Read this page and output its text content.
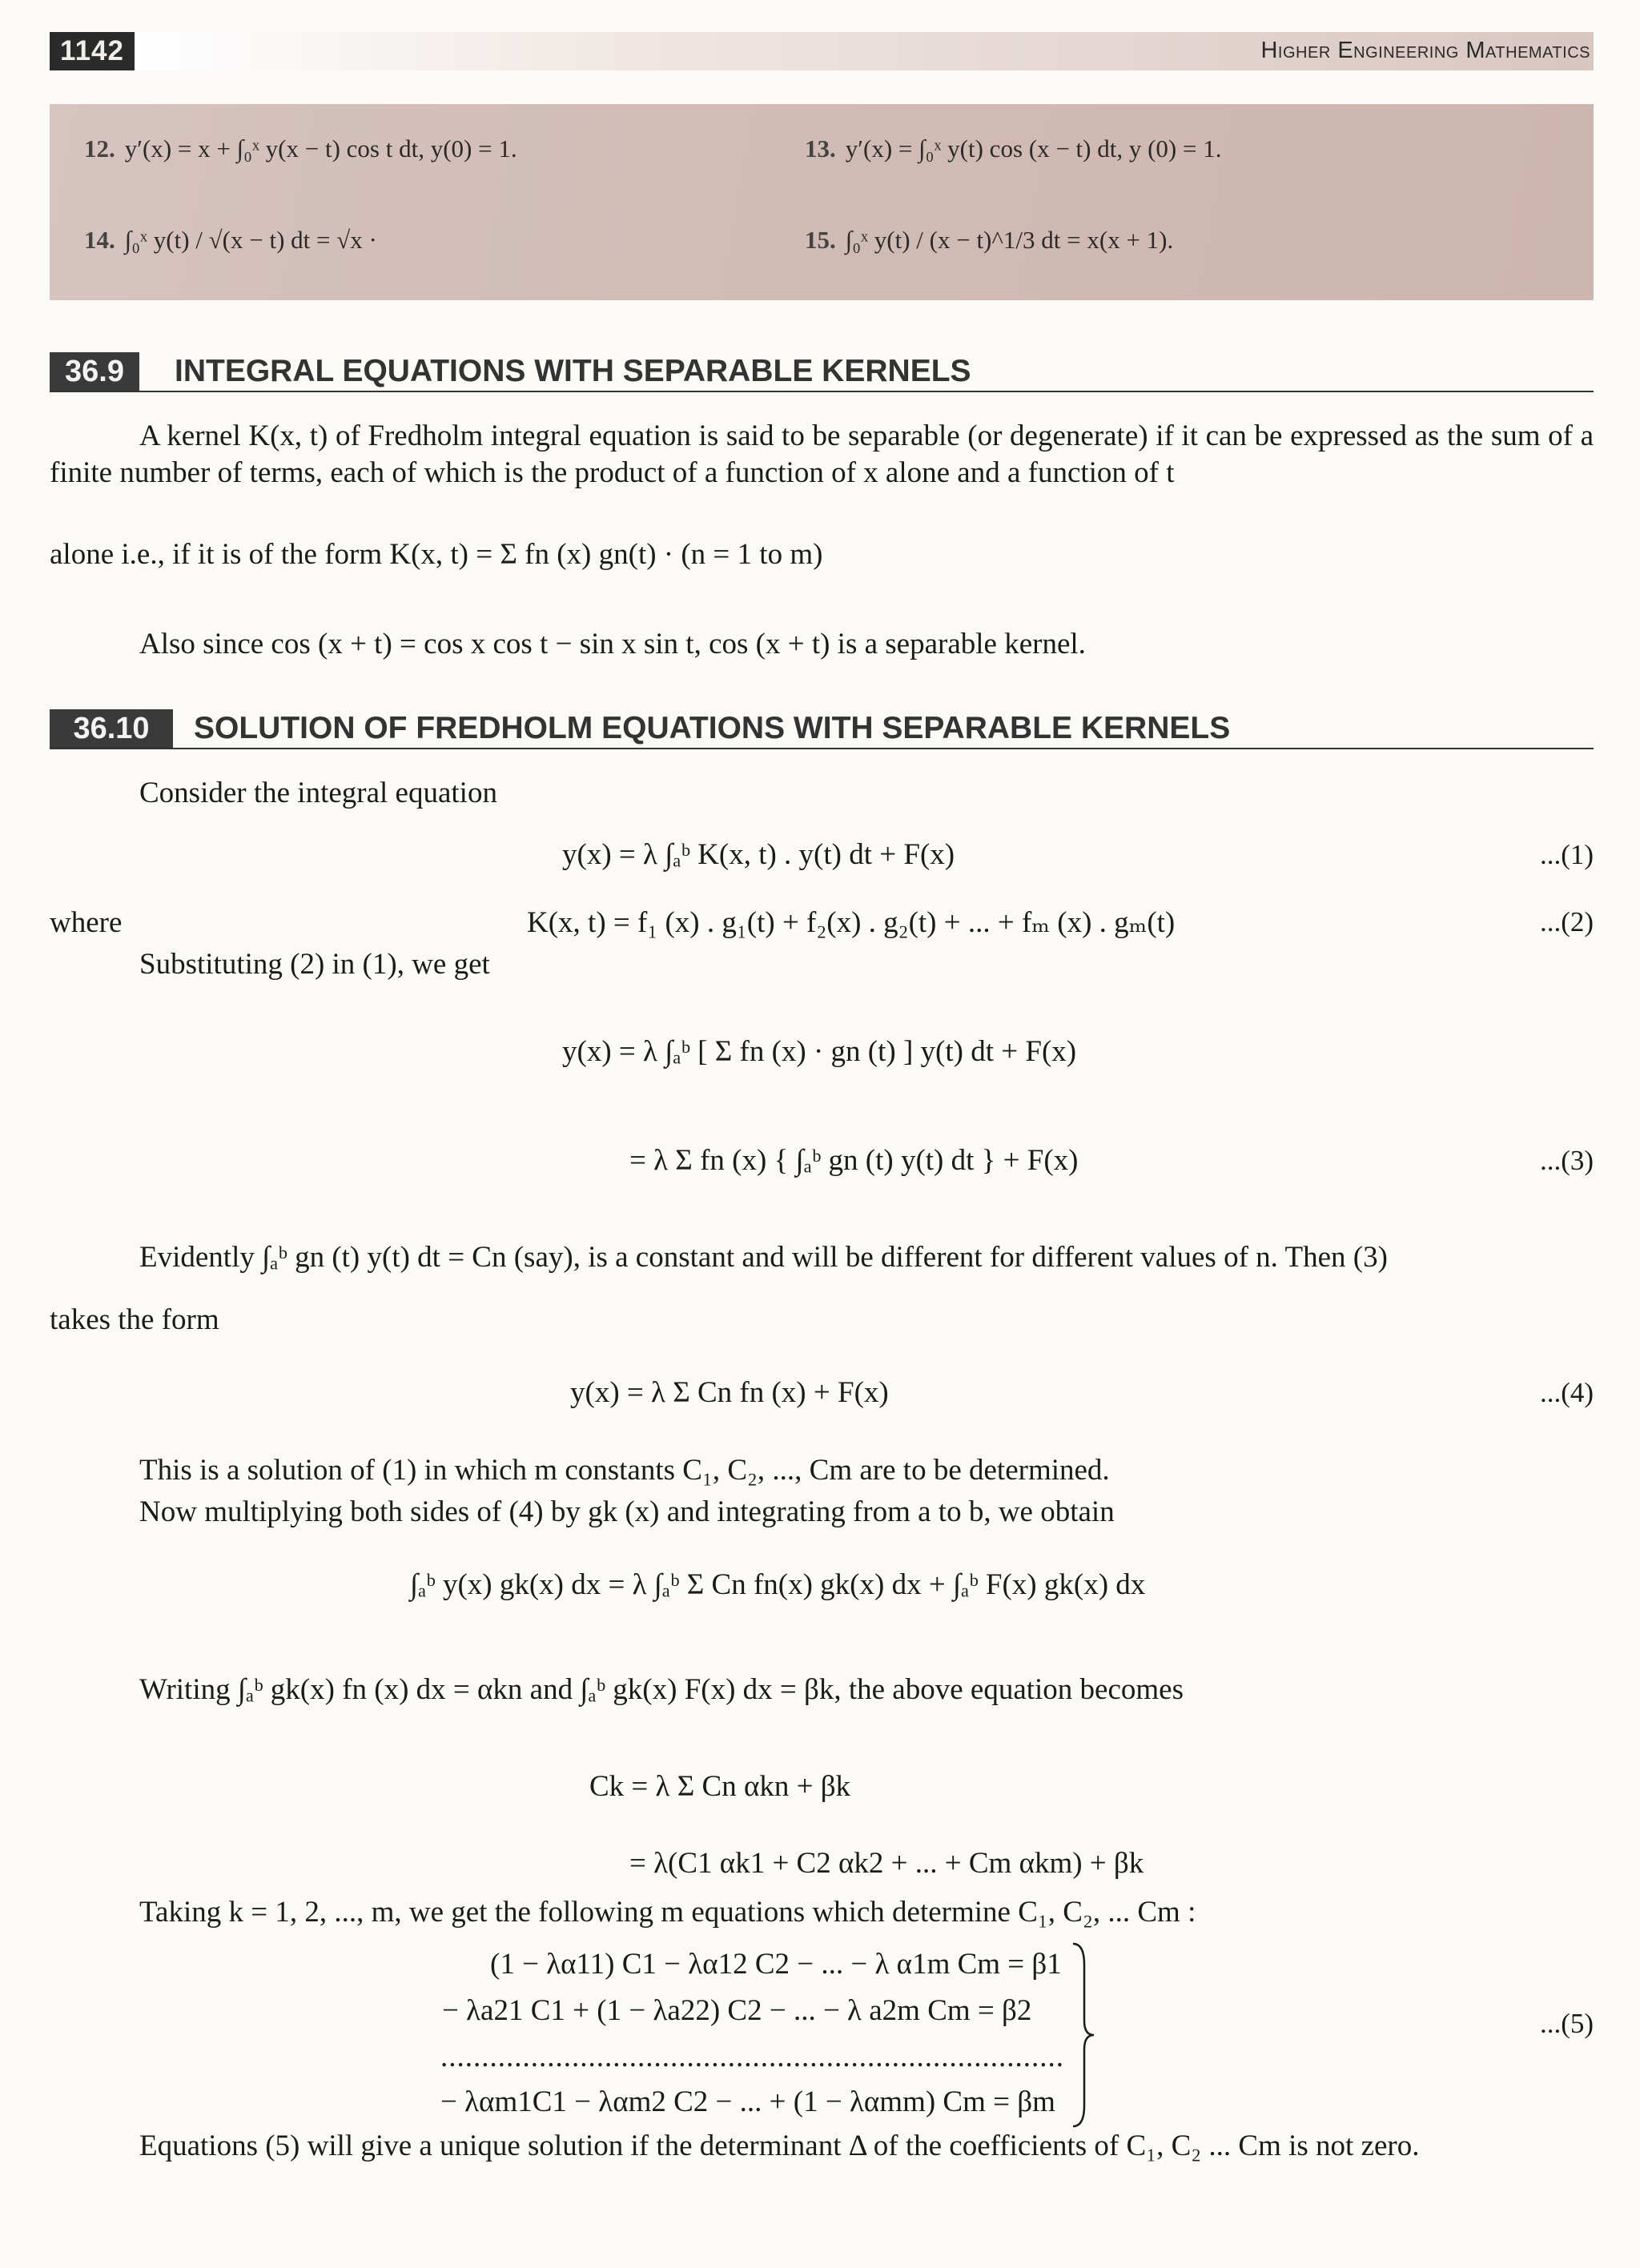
1142	Higher Engineering Mathematics
12. y′(x) = x + ∫₀ˣ y(x − t) cos t dt, y(0) = 1.	13. y′(x) = ∫₀ˣ y(t) cos (x − t) dt, y (0) = 1.
14. ∫₀ˣ y(t) / √(x − t) dt = √x ·	15. ∫₀ˣ y(t) / (x − t)^1/3 dt = x(x + 1).
36.9	INTEGRAL EQUATIONS WITH SEPARABLE KERNELS
A kernel K(x, t) of Fredholm integral equation is said to be separable (or degenerate) if it can be expressed as the sum of a finite number of terms, each of which is the product of a function of x alone and a function of t
alone i.e., if it is of the form K(x, t) = Σ fn (x) gn(t) · (n = 1 to m)
Also since cos (x + t) = cos x cos t − sin x sin t, cos (x + t) is a separable kernel.
36.10	SOLUTION OF FREDHOLM EQUATIONS WITH SEPARABLE KERNELS
Consider the integral equation
y(x) = λ ∫ₐᵇ K(x, t) . y(t) dt + F(x)	...(1)
where	K(x, t) = f₁ (x) . g₁(t) + f₂(x) . g₂(t) + ... + fₘ (x) . gₘ(t)	...(2)
Substituting (2) in (1), we get
y(x) = λ ∫ₐᵇ [ Σ fn (x) · gn (t) ] y(t) dt + F(x)
= λ Σ fn (x) { ∫ₐᵇ gn (t) y(t) dt } + F(x)	...(3)
Evidently ∫ₐᵇ gn (t) y(t) dt = Cn (say), is a constant and will be different for different values of n. Then (3)
takes the form
y(x) = λ Σ Cn fn (x) + F(x)	...(4)
This is a solution of (1) in which m constants C₁, C₂, ..., Cm are to be determined.
Now multiplying both sides of (4) by gk (x) and integrating from a to b, we obtain
∫ₐᵇ y(x) gk(x) dx = λ ∫ₐᵇ Σ Cn fn(x) gk(x) dx + ∫ₐᵇ F(x) gk(x) dx
Writing ∫ₐᵇ gk(x) fn (x) dx = αkn and ∫ₐᵇ gk(x) F(x) dx = βk, the above equation becomes
Ck = λ Σ Cn αkn + βk
= λ(C1 αk1 + C2 αk2 + ... + Cm αkm) + βk
Taking k = 1, 2, ..., m, we get the following m equations which determine C₁, C₂, ... Cm :
(1 − λα11) C1 − λα12 C2 − ... − λ α1m Cm = β1
− λa21 C1 + (1 − λa22) C2 − ... − λ a2m Cm = β2
............................................................................
− λαm1C1 − λαm2 C2 − ... + (1 − λαmm) Cm = βm
...(5)
Equations (5) will give a unique solution if the determinant Δ of the coefficients of C₁, C₂ ... Cm is not zero.
